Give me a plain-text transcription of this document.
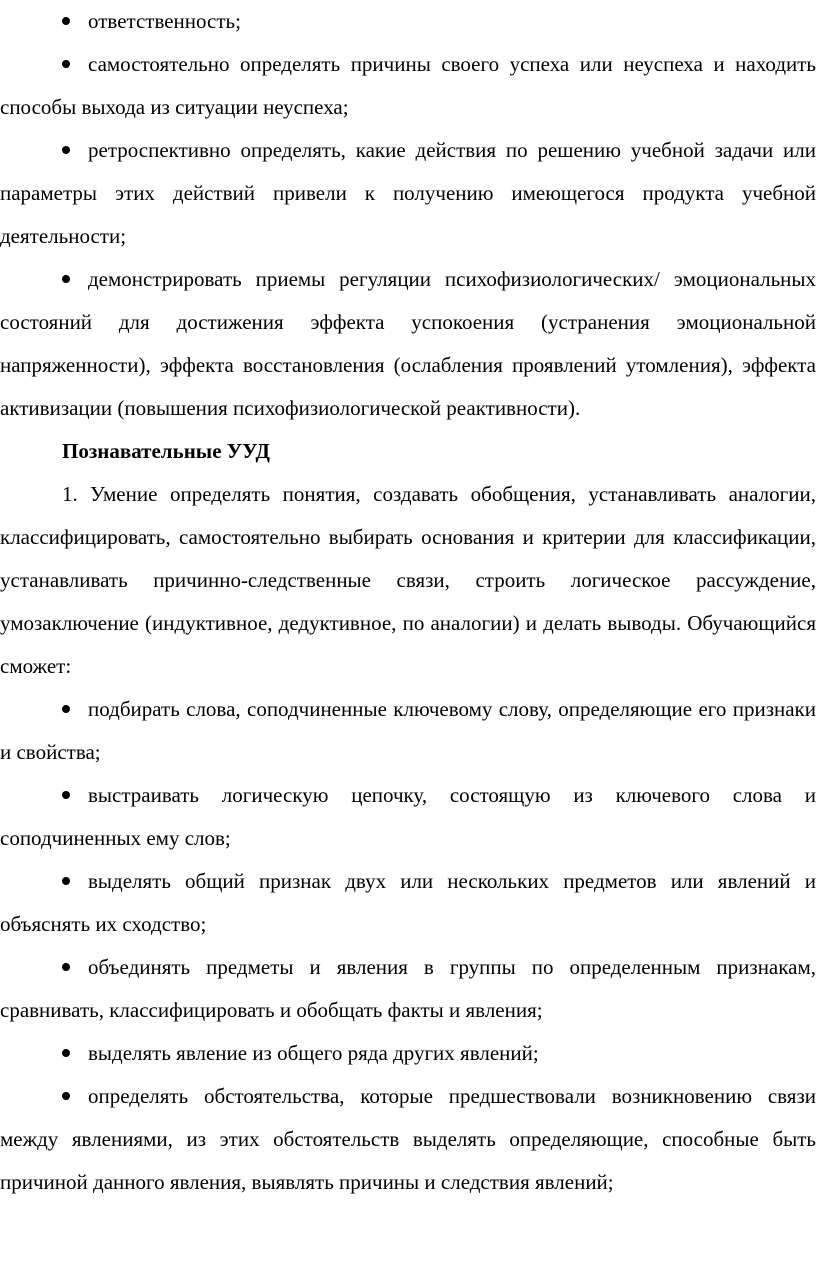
ответственность;

самостоятельно определять причины своего успеха или неуспеха и находить способы выхода из ситуации неуспеха;

ретроспективно определять, какие действия по решению учебной задачи или параметры этих действий привели к получению имеющегося продукта учебной деятельности;

демонстрировать приемы регуляции психофизиологических/ эмоциональных состояний для достижения эффекта успокоения (устранения эмоциональной напряженности), эффекта восстановления (ослабления проявлений утомления), эффекта активизации (повышения психофизиологической реактивности).

Познавательные УУД

1. Умение определять понятия, создавать обобщения, устанавливать аналогии, классифицировать, самостоятельно выбирать основания и критерии для классификации, устанавливать причинно-следственные связи, строить логическое рассуждение, умозаключение (индуктивное, дедуктивное, по аналогии) и делать выводы. Обучающийся сможет:

подбирать слова, соподчиненные ключевому слову, определяющие его признаки и свойства;

выстраивать логическую цепочку, состоящую из ключевого слова и соподчиненных ему слов;

выделять общий признак двух или нескольких предметов или явлений и объяснять их сходство;

объединять предметы и явления в группы по определенным признакам, сравнивать, классифицировать и обобщать факты и явления;

выделять явление из общего ряда других явлений;

определять обстоятельства, которые предшествовали возникновению связи между явлениями, из этих обстоятельств выделять определяющие, способные быть причиной данного явления, выявлять причины и следствия явлений;
